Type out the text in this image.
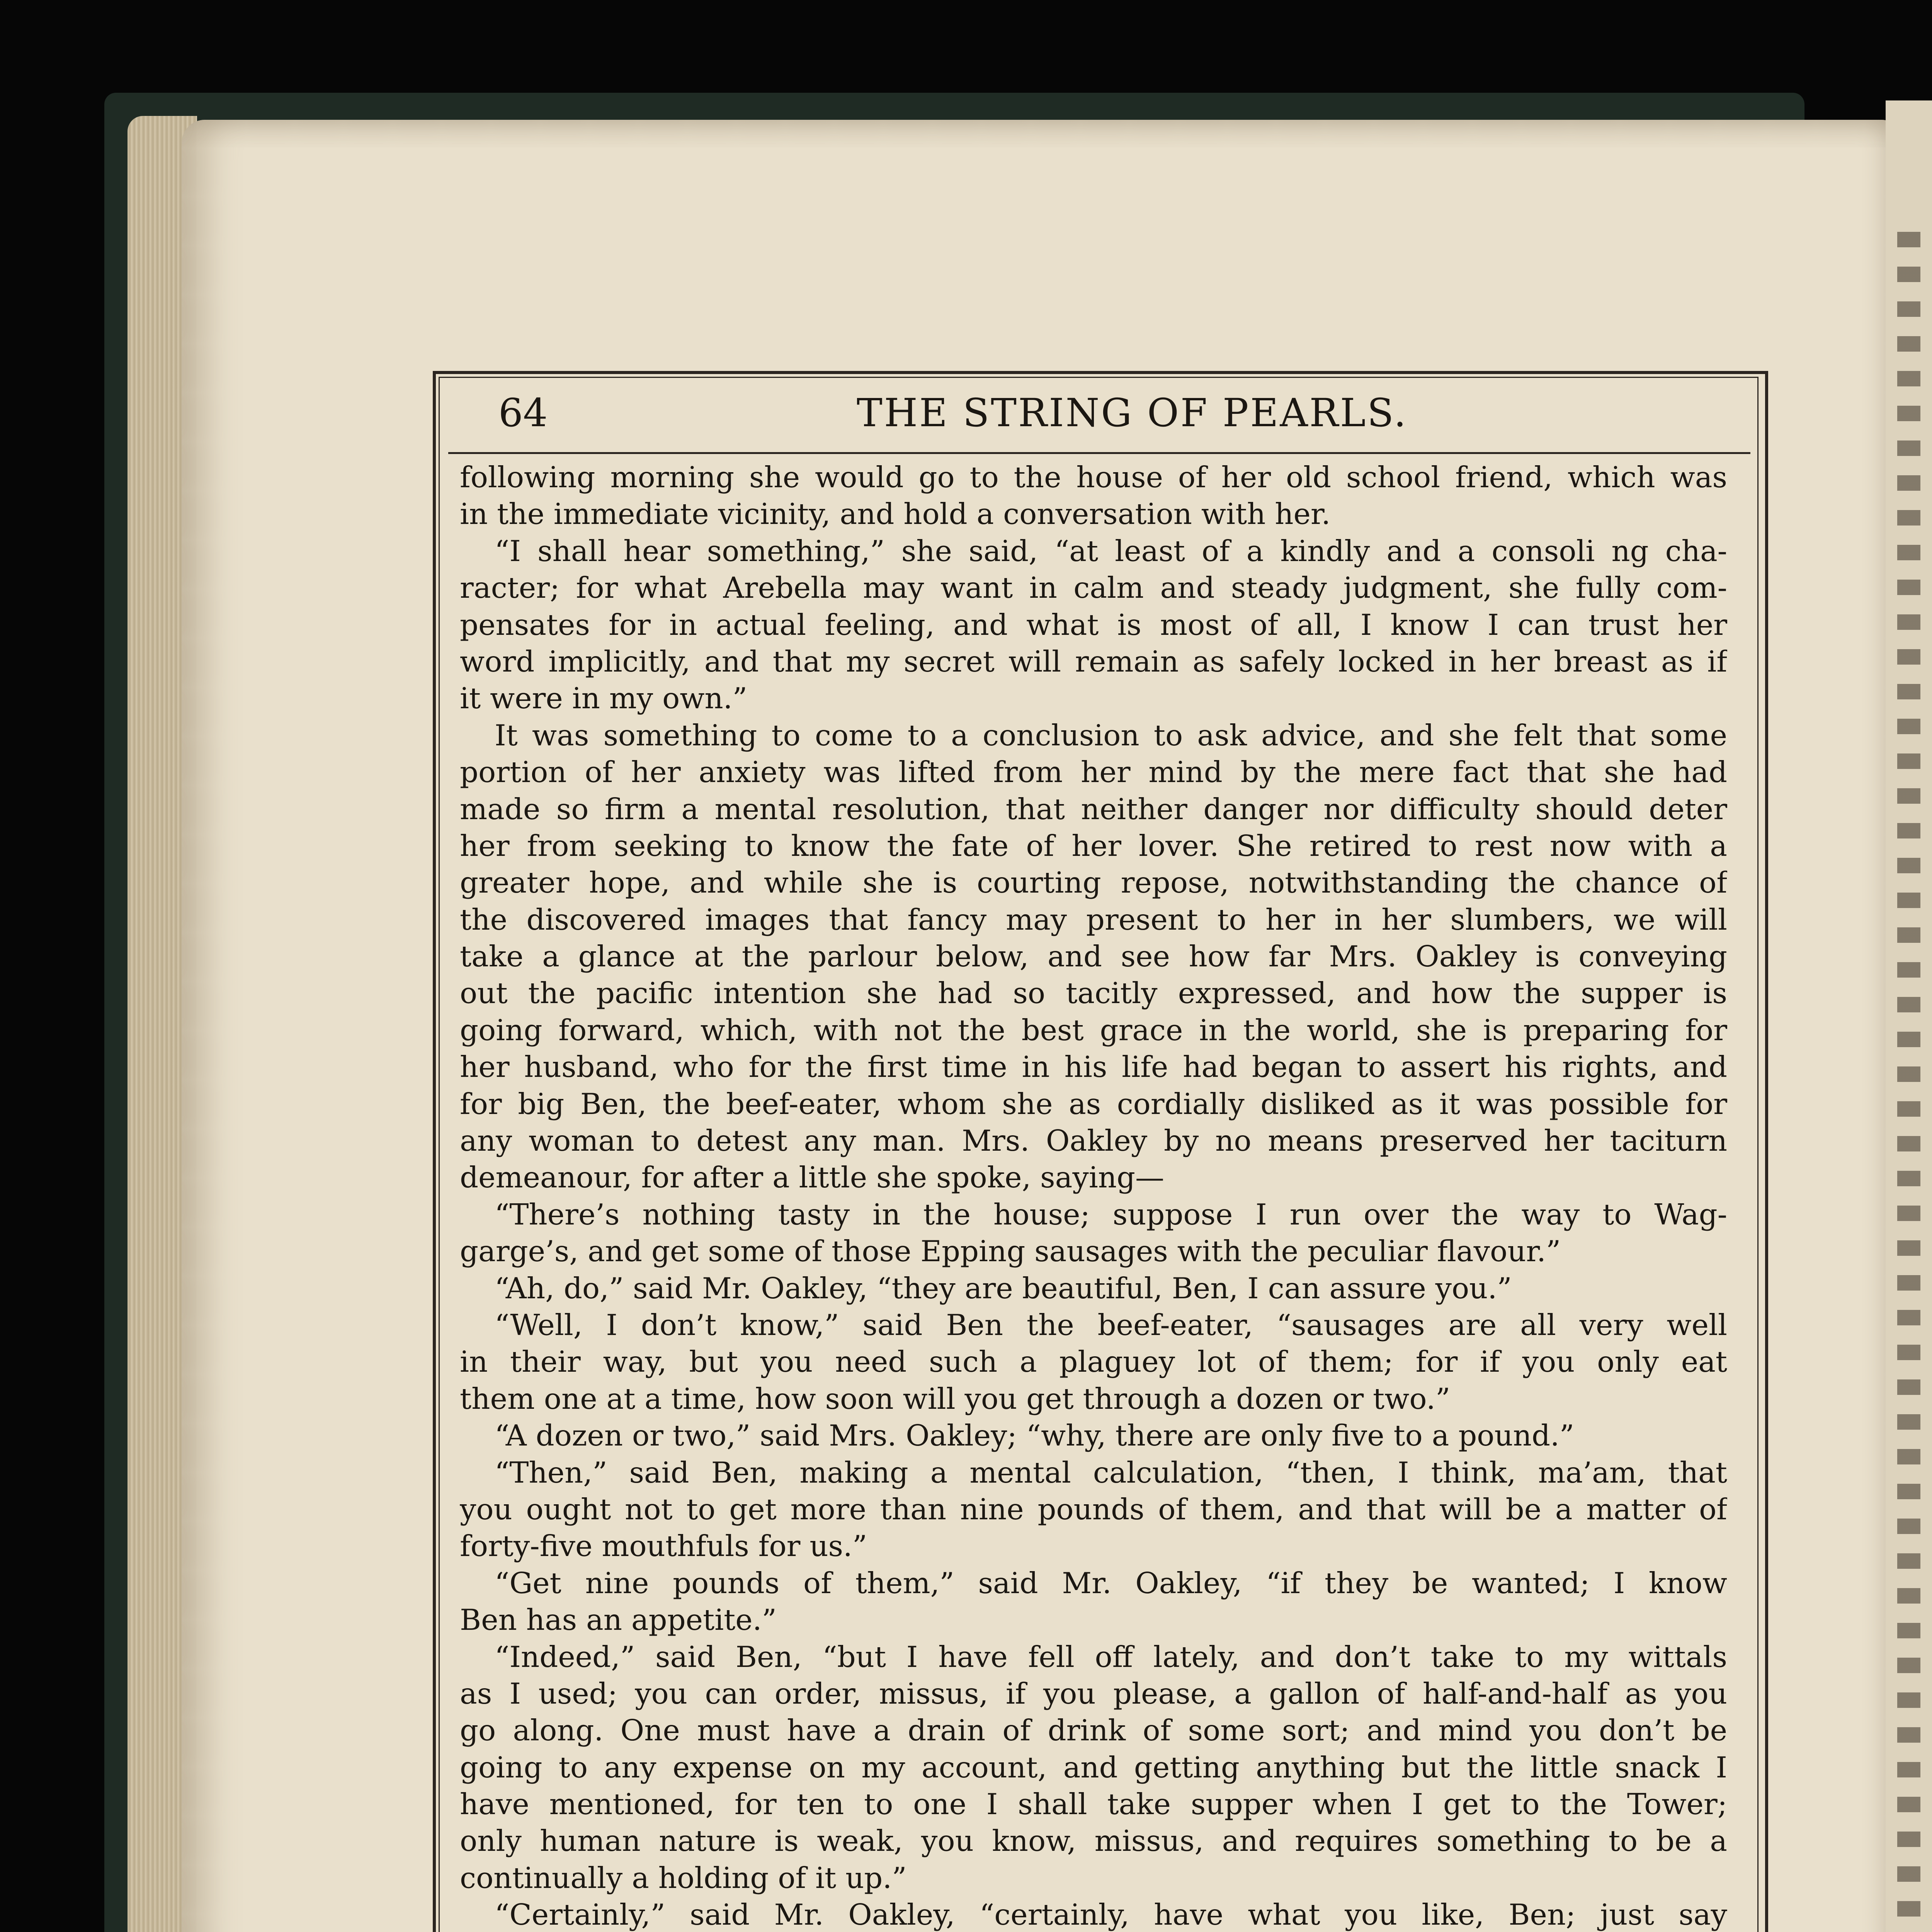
64	THE STRING OF PEARLS.
following morning she would go to the house of her old school friend, which was
in the immediate vicinity, and hold a conversation with her.
“I shall hear something,” she said, “at least of a kindly and a consoli ng cha-
racter; for what Arebella may want in calm and steady judgment, she fully com-
pensates for in actual feeling, and what is most of all, I know I can trust her
word implicitly, and that my secret will remain as safely locked in her breast as if
it were in my own.”
It was something to come to a conclusion to ask advice, and she felt that some
portion of her anxiety was lifted from her mind by the mere fact that she had
made so firm a mental resolution, that neither danger nor difficulty should deter
her from seeking to know the fate of her lover. She retired to rest now with a
greater hope, and while she is courting repose, notwithstanding the chance of
the discovered images that fancy may present to her in her slumbers, we will
take a glance at the parlour below, and see how far Mrs. Oakley is conveying
out the pacific intention she had so tacitly expressed, and how the supper is
going forward, which, with not the best grace in the world, she is preparing for
her husband, who for the first time in his life had began to assert his rights, and
for big Ben, the beef-eater, whom she as cordially disliked as it was possible for
any woman to detest any man. Mrs. Oakley by no means preserved her taciturn
demeanour, for after a little she spoke, saying—
“There’s nothing tasty in the house; suppose I run over the way to Wag-
garge’s, and get some of those Epping sausages with the peculiar flavour.”
“Ah, do,” said Mr. Oakley, “they are beautiful, Ben, I can assure you.”
“Well, I don’t know,” said Ben the beef-eater, “sausages are all very well
in their way, but you need such a plaguey lot of them; for if you only eat
them one at a time, how soon will you get through a dozen or two.”
“A dozen or two,” said Mrs. Oakley; “why, there are only five to a pound.”
“Then,” said Ben, making a mental calculation, “then, I think, ma’am, that
you ought not to get more than nine pounds of them, and that will be a matter of
forty-five mouthfuls for us.”
“Get nine pounds of them,” said Mr. Oakley, “if they be wanted; I know
Ben has an appetite.”
“Indeed,” said Ben, “but I have fell off lately, and don’t take to my wittals
as I used; you can order, missus, if you please, a gallon of half-and-half as you
go along. One must have a drain of drink of some sort; and mind you don’t be
going to any expense on my account, and getting anything but the little snack I
have mentioned, for ten to one I shall take supper when I get to the Tower;
only human nature is weak, you know, missus, and requires something to be a
continually a holding of it up.”
“Certainly,” said Mr. Oakley, “certainly, have what you like, Ben; just say
